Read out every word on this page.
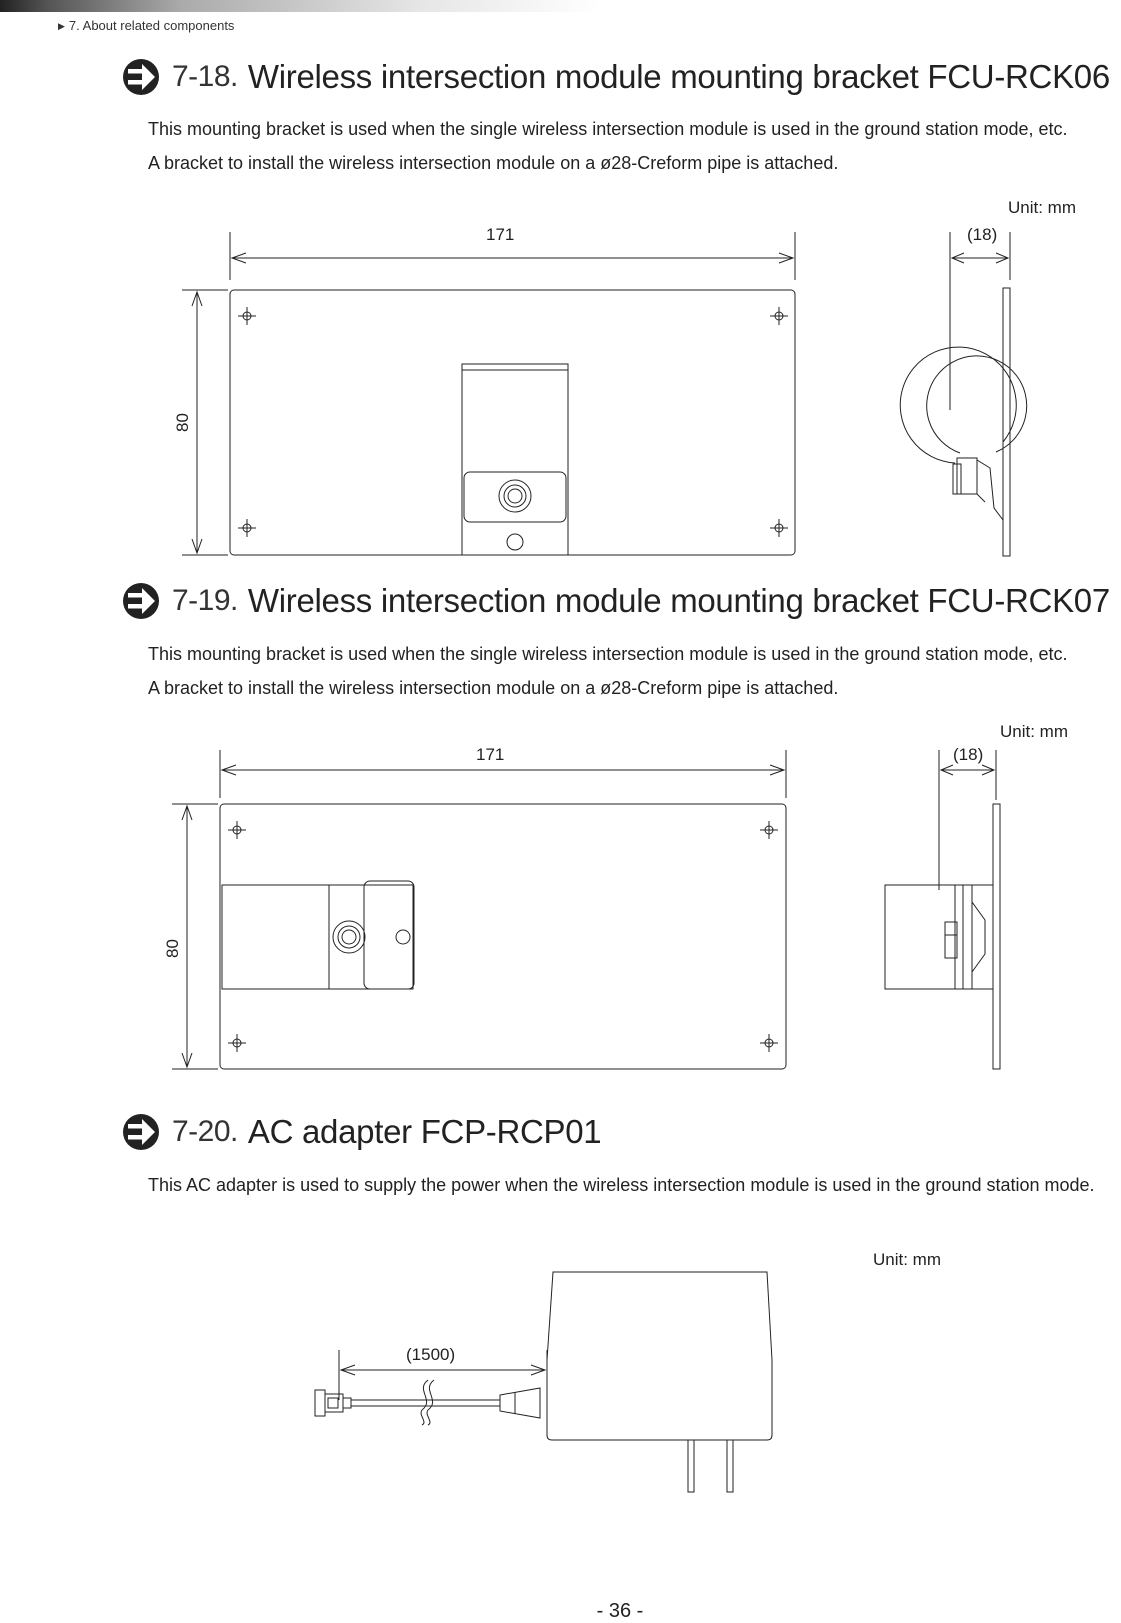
▶ 7. About related components
7-18. Wireless intersection module mounting bracket FCU-RCK06
This mounting bracket is used when the single wireless intersection module is used in the ground station mode, etc.
A bracket to install the wireless intersection module on a ø28-Creform pipe is attached.
Unit: mm
171	(18)
80
7-19. Wireless intersection module mounting bracket FCU-RCK07
This mounting bracket is used when the single wireless intersection module is used in the ground station mode, etc.
A bracket to install the wireless intersection module on a ø28-Creform pipe is attached.
Unit: mm
171	(18)
80
7-20. AC adapter FCP-RCP01
This AC adapter is used to supply the power when the wireless intersection module is used in the ground station mode.
Unit: mm
(1500)
- 36 -
